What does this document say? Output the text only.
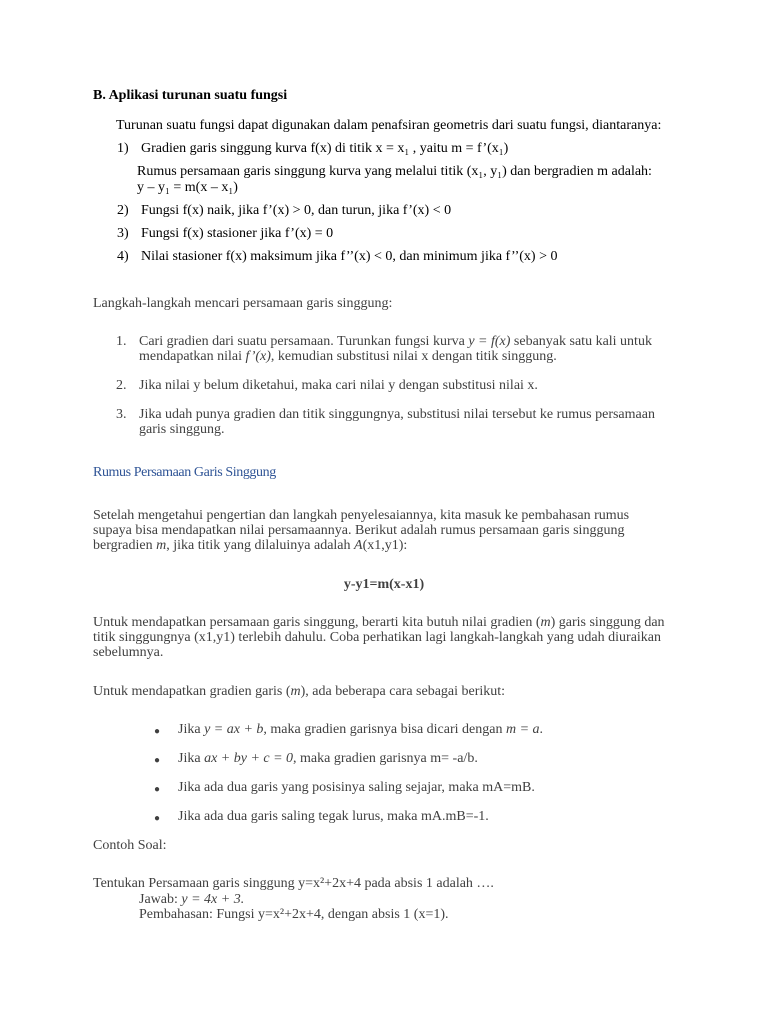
B. Aplikasi turunan suatu fungsi
Turunan suatu fungsi dapat digunakan dalam penafsiran geometris dari suatu fungsi, diantaranya:
1) Gradien garis singgung kurva f(x) di titik x = x₁ , yaitu m = f’(x₁)
Rumus persamaan garis singgung kurva yang melalui titik (x₁, y₁) dan bergradien m adalah:
y – y₁ = m(x – x₁)
2) Fungsi f(x) naik, jika f’(x) > 0, dan turun, jika f’(x) < 0
3) Fungsi f(x) stasioner jika f’(x) = 0
4) Nilai stasioner f(x) maksimum jika f’’(x) < 0, dan minimum jika f’’(x) > 0
Langkah-langkah mencari persamaan garis singgung:
1. Cari gradien dari suatu persamaan. Turunkan fungsi kurva y = f(x) sebanyak satu kali untuk
mendapatkan nilai f’(x), kemudian substitusi nilai x dengan titik singgung.
2. Jika nilai y belum diketahui, maka cari nilai y dengan substitusi nilai x.
3. Jika udah punya gradien dan titik singgungnya, substitusi nilai tersebut ke rumus persamaan
garis singgung.
Rumus Persamaan Garis Singgung
Setelah mengetahui pengertian dan langkah penyelesaiannya, kita masuk ke pembahasan rumus
supaya bisa mendapatkan nilai persamaannya. Berikut adalah rumus persamaan garis singgung
bergradien m, jika titik yang dilaluinya adalah A(x1,y1):
y-y1=m(x-x1)
Untuk mendapatkan persamaan garis singgung, berarti kita butuh nilai gradien (m) garis singgung dan
titik singgungnya (x1,y1) terlebih dahulu. Coba perhatikan lagi langkah-langkah yang udah diuraikan
sebelumnya.
Untuk mendapatkan gradien garis (m), ada beberapa cara sebagai berikut:
● Jika y = ax + b, maka gradien garisnya bisa dicari dengan m = a.
● Jika ax + by + c = 0, maka gradien garisnya m= -a/b.
● Jika ada dua garis yang posisinya saling sejajar, maka mA=mB.
● Jika ada dua garis saling tegak lurus, maka mA.mB=-1.
Contoh Soal:
Tentukan Persamaan garis singgung y=x²+2x+4 pada absis 1 adalah ….
Jawab: y = 4x + 3.
Pembahasan: Fungsi y=x²+2x+4, dengan absis 1 (x=1).
